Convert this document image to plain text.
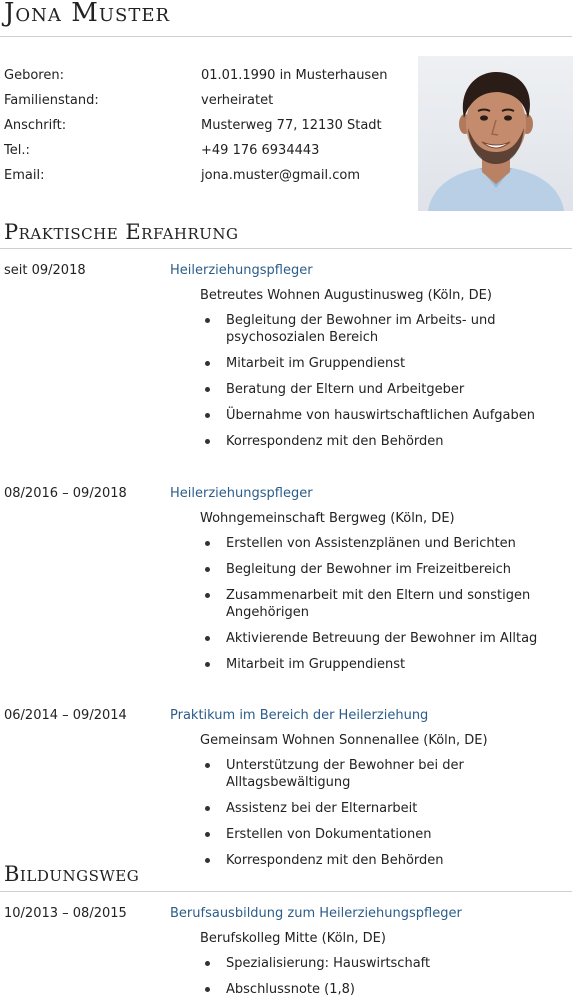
Jona Muster
Geboren:	01.01.1990 in Musterhausen
Familienstand:	verheiratet
Anschrift:	Musterweg 77, 12130 Stadt
Tel.:	+49 176 6934443
Email:	jona.muster@gmail.com
Praktische Erfahrung
seit 09/2018	Heilerziehungspfleger
Betreutes Wohnen Augustinusweg (Köln, DE)
Begleitung der Bewohner im Arbeits- und psychosozialen Bereich
Mitarbeit im Gruppendienst
Beratung der Eltern und Arbeitgeber
Übernahme von hauswirtschaftlichen Aufgaben
Korrespondenz mit den Behörden
08/2016 – 09/2018	Heilerziehungspfleger
Wohngemeinschaft Bergweg (Köln, DE)
Erstellen von Assistenzplänen und Berichten
Begleitung der Bewohner im Freizeitbereich
Zusammenarbeit mit den Eltern und sonstigen Angehörigen
Aktivierende Betreuung der Bewohner im Alltag
Mitarbeit im Gruppendienst
06/2014 – 09/2014	Praktikum im Bereich der Heilerziehung
Gemeinsam Wohnen Sonnenallee (Köln, DE)
Unterstützung der Bewohner bei der Alltagsbewältigung
Assistenz bei der Elternarbeit
Erstellen von Dokumentationen
Korrespondenz mit den Behörden
Bildungsweg
10/2013 – 08/2015	Berufsausbildung zum Heilerziehungspfleger
Berufskolleg Mitte (Köln, DE)
Spezialisierung: Hauswirtschaft
Abschlussnote (1,8)
